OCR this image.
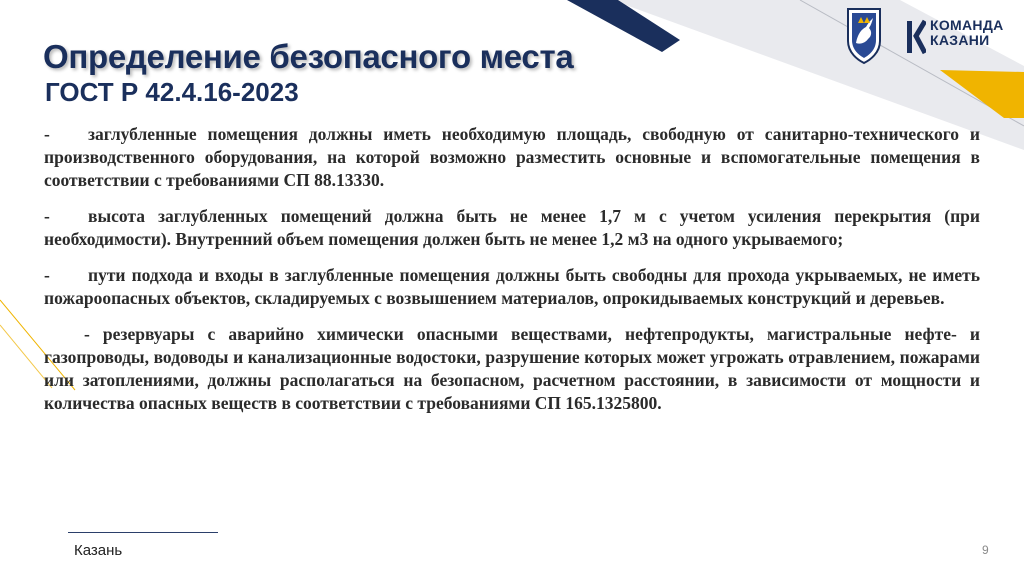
Определение безопасного места
ГОСТ Р 42.4.16-2023
КОМАНДА
КАЗАНИ

- заглубленные помещения должны иметь необходимую площадь, свободную от санитарно-технического и производственного оборудования, на которой возможно разместить основные и вспомогательные помещения в соответствии с требованиями СП 88.13330.

- высота заглубленных помещений должна быть не менее 1,7 м с учетом усиления перекрытия (при необходимости). Внутренний объем помещения должен быть не менее 1,2 м3 на одного укрываемого;

- пути подхода и входы в заглубленные помещения должны быть свободны для прохода укрываемых, не иметь пожароопасных объектов, складируемых с возвышением материалов, опрокидываемых конструкций и деревьев.

- резервуары с аварийно химически опасными веществами, нефтепродукты, магистральные нефте- и газопроводы, водоводы и канализационные водостоки, разрушение которых может угрожать отравлением, пожарами или затоплениями, должны располагаться на безопасном, расчетном расстоянии, в зависимости от мощности и количества опасных веществ в соответствии с требованиями СП 165.1325800.

Казань	9
